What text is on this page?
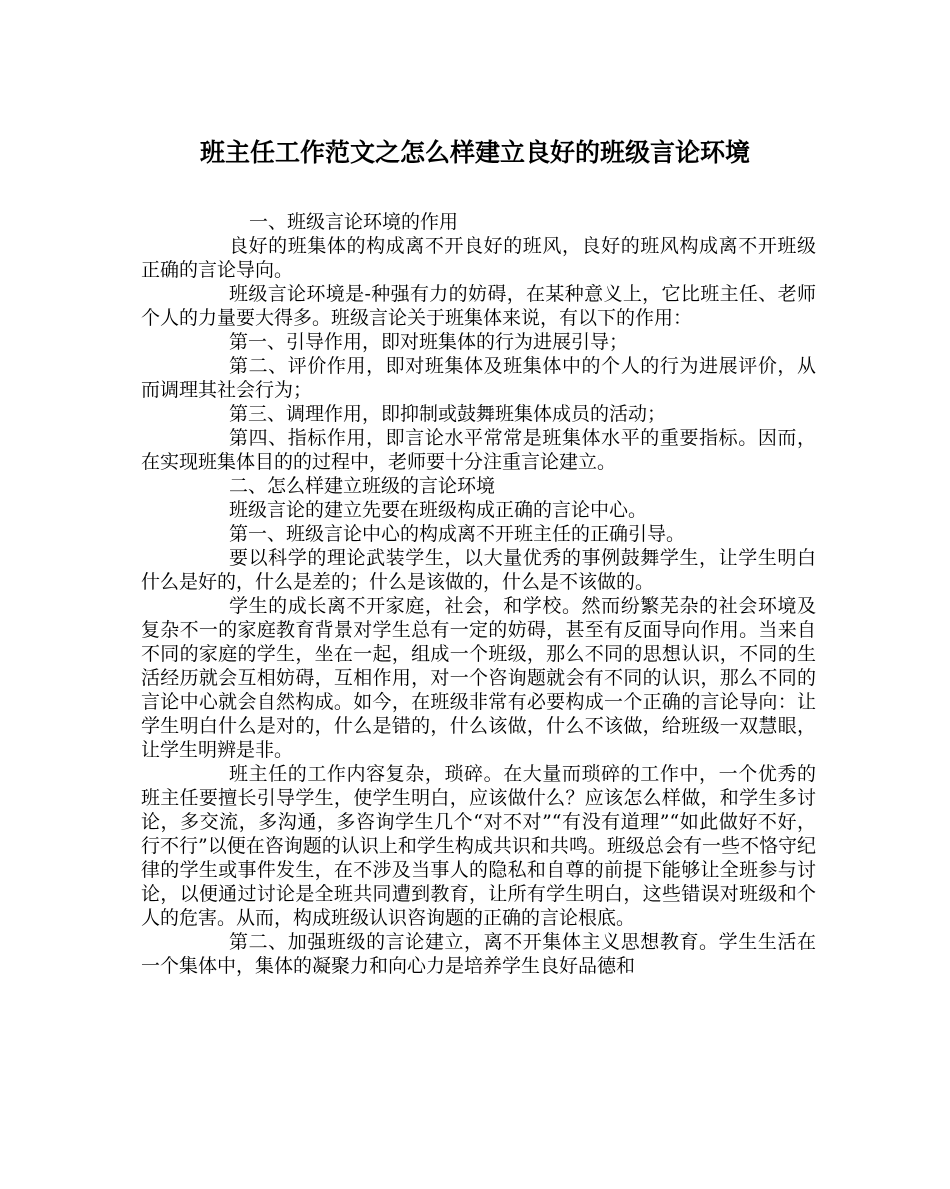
班主任工作范文之怎么样建立良好的班级言论环境

一、班级言论环境的作用

良好的班集体的构成离不开良好的班风，良好的班风构成离不开班级正确的言论导向。

班级言论环境是-种强有力的妨碍，在某种意义上，它比班主任、老师个人的力量要大得多。班级言论关于班集体来说，有以下的作用：

第一、引导作用，即对班集体的行为进展引导；

第二、评价作用，即对班集体及班集体中的个人的行为进展评价，从而调理其社会行为；

第三、调理作用，即抑制或鼓舞班集体成员的活动；

第四、指标作用，即言论水平常常是班集体水平的重要指标。因而，在实现班集体目的的过程中，老师要十分注重言论建立。

二、怎么样建立班级的言论环境

班级言论的建立先要在班级构成正确的言论中心。

第一、班级言论中心的构成离不开班主任的正确引导。

要以科学的理论武装学生，以大量优秀的事例鼓舞学生，让学生明白什么是好的，什么是差的；什么是该做的，什么是不该做的。

学生的成长离不开家庭，社会，和学校。然而纷繁芜杂的社会环境及复杂不一的家庭教育背景对学生总有一定的妨碍，甚至有反面导向作用。当来自不同的家庭的学生，坐在一起，组成一个班级，那么不同的思想认识，不同的生活经历就会互相妨碍，互相作用，对一个咨询题就会有不同的认识，那么不同的言论中心就会自然构成。如今，在班级非常有必要构成一个正确的言论导向：让学生明白什么是对的，什么是错的，什么该做，什么不该做，给班级一双慧眼，让学生明辨是非。

班主任的工作内容复杂，琐碎。在大量而琐碎的工作中，一个优秀的班主任要擅长引导学生，使学生明白，应该做什么？应该怎么样做，和学生多讨论，多交流，多沟通，多咨询学生几个“对不对”“有没有道理”“如此做好不好，行不行”以便在咨询题的认识上和学生构成共识和共鸣。班级总会有一些不恪守纪律的学生或事件发生，在不涉及当事人的隐私和自尊的前提下能够让全班参与讨论，以便通过讨论是全班共同遭到教育，让所有学生明白，这些错误对班级和个人的危害。从而，构成班级认识咨询题的正确的言论根底。

第二、加强班级的言论建立，离不开集体主义思想教育。学生生活在一个集体中，集体的凝聚力和向心力是培养学生良好品德和
